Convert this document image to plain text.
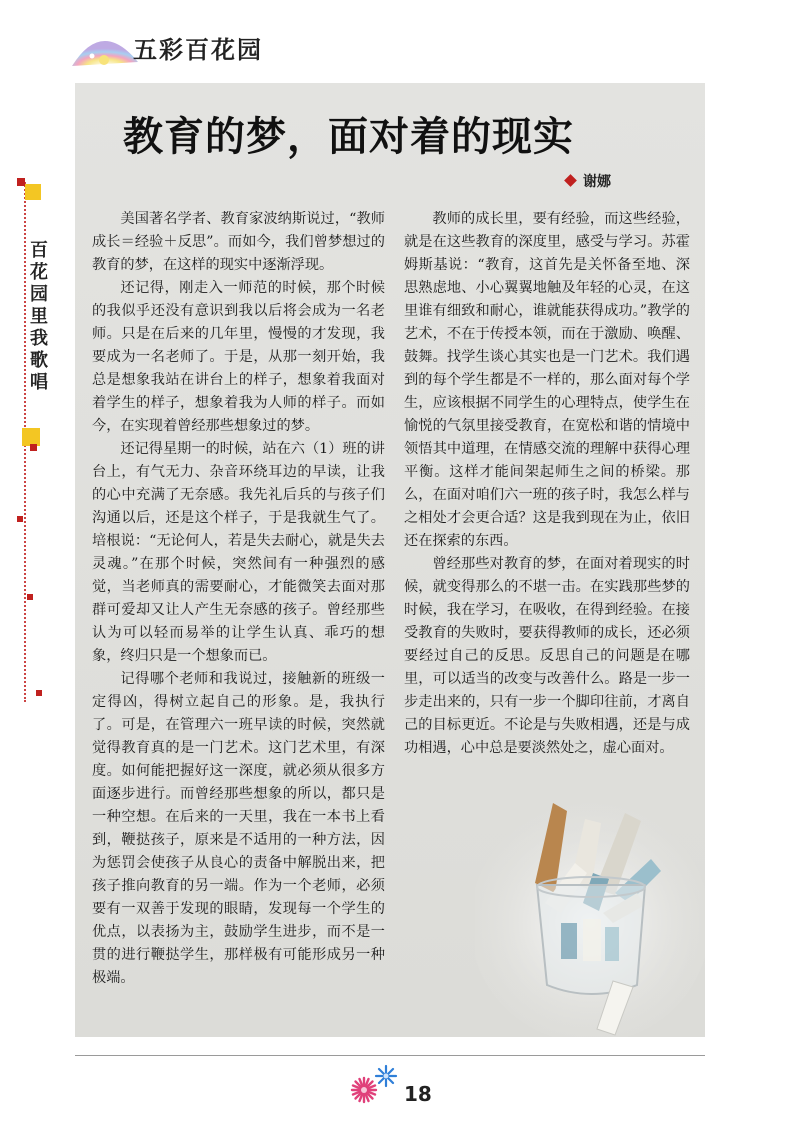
五彩百花园
百花园里我歌唱
教育的梦，面对着的现实
谢娜

美国著名学者、教育家波纳斯说过，“教师成长＝经验＋反思”。而如今，我们曾梦想过的教育的梦，在这样的现实中逐渐浮现。

还记得，刚走入一师范的时候，那个时候的我似乎还没有意识到我以后将会成为一名老师。只是在后来的几年里，慢慢的才发现，我要成为一名老师了。于是，从那一刻开始，我总是想象我站在讲台上的样子，想象着我面对着学生的样子，想象着我为人师的样子。而如今，在实现着曾经那些想象过的梦。

还记得星期一的时候，站在六（1）班的讲台上，有气无力、杂音环绕耳边的早读，让我的心中充满了无奈感。我先礼后兵的与孩子们沟通以后，还是这个样子，于是我就生气了。培根说：“无论何人，若是失去耐心，就是失去灵魂。”在那个时候，突然间有一种强烈的感觉，当老师真的需要耐心，才能微笑去面对那群可爱却又让人产生无奈感的孩子。曾经那些认为可以轻而易举的让学生认真、乖巧的想象，终归只是一个想象而已。

记得哪个老师和我说过，接触新的班级一定得凶，得树立起自己的形象。是，我执行了。可是，在管理六一班早读的时候，突然就觉得教育真的是一门艺术。这门艺术里，有深度。如何能把握好这一深度，就必须从很多方面逐步进行。而曾经那些想象的所以，都只是一种空想。在后来的一天里，我在一本书上看到，鞭挞孩子，原来是不适用的一种方法，因为惩罚会使孩子从良心的责备中解脱出来，把孩子推向教育的另一端。作为一个老师，必须要有一双善于发现的眼睛，发现每一个学生的优点，以表扬为主，鼓励学生进步，而不是一贯的进行鞭挞学生，那样极有可能形成另一种极端。

教师的成长里，要有经验，而这些经验，就是在这些教育的深度里，感受与学习。苏霍姆斯基说：“教育，这首先是关怀备至地、深思熟虑地、小心翼翼地触及年轻的心灵，在这里谁有细致和耐心，谁就能获得成功。”教学的艺术，不在于传授本领，而在于激励、唤醒、鼓舞。找学生谈心其实也是一门艺术。我们遇到的每个学生都是不一样的，那么面对每个学生，应该根据不同学生的心理特点，使学生在愉悦的气氛里接受教育，在宽松和谐的情境中领悟其中道理，在情感交流的理解中获得心理平衡。这样才能间架起师生之间的桥梁。那么，在面对咱们六一班的孩子时，我怎么样与之相处才会更合适？这是我到现在为止，依旧还在探索的东西。

曾经那些对教育的梦，在面对着现实的时候，就变得那么的不堪一击。在实践那些梦的时候，我在学习，在吸收，在得到经验。在接受教育的失败时，要获得教师的成长，还必须要经过自己的反思。反思自己的问题是在哪里，可以适当的改变与改善什么。路是一步一步走出来的，只有一步一个脚印往前，才离自己的目标更近。不论是与失败相遇，还是与成功相遇，心中总是要淡然处之，虚心面对。

18
